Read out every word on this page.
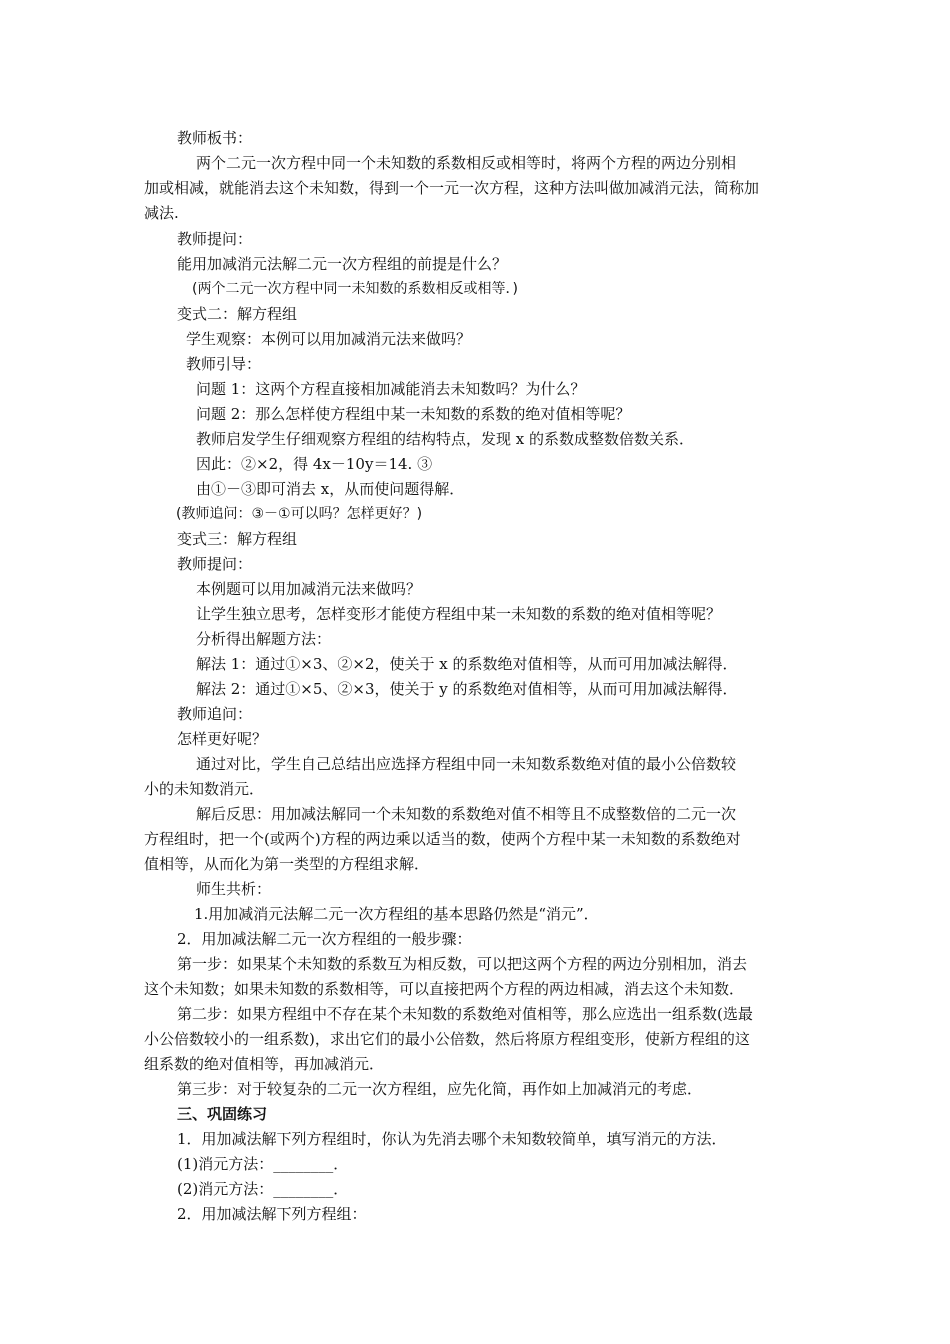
教师板书：
两个二元一次方程中同一个未知数的系数相反或相等时，将两个方程的两边分别相
加或相减，就能消去这个未知数，得到一个一元一次方程，这种方法叫做加减消元法，简称加
减法.
教师提问：
能用加减消元法解二元一次方程组的前提是什么？
(两个二元一次方程中同一未知数的系数相反或相等．)
变式二：解方程组
学生观察：本例可以用加减消元法来做吗？
教师引导：
问题 1：这两个方程直接相加减能消去未知数吗？为什么？
问题 2：那么怎样使方程组中某一未知数的系数的绝对值相等呢？
教师启发学生仔细观察方程组的结构特点，发现 x 的系数成整数倍数关系．
因此：②×2，得 4x－10y＝14. ③
由①－③即可消去 x，从而使问题得解．
(教师追问：③－①可以吗？怎样更好？)
变式三：解方程组
教师提问：
本例题可以用加减消元法来做吗？
让学生独立思考，怎样变形才能使方程组中某一未知数的系数的绝对值相等呢？
分析得出解题方法：
解法 1：通过①×3、②×2，使关于 x 的系数绝对值相等，从而可用加减法解得．
解法 2：通过①×5、②×3，使关于 y 的系数绝对值相等，从而可用加减法解得．
教师追问：
怎样更好呢？
通过对比，学生自己总结出应选择方程组中同一未知数系数绝对值的最小公倍数较
小的未知数消元．
解后反思：用加减法解同一个未知数的系数绝对值不相等且不成整数倍的二元一次
方程组时，把一个(或两个)方程的两边乘以适当的数，使两个方程中某一未知数的系数绝对
值相等，从而化为第一类型的方程组求解．
师生共析：
1.用加减消元法解二元一次方程组的基本思路仍然是“消元”．
2．用加减法解二元一次方程组的一般步骤：
第一步：如果某个未知数的系数互为相反数，可以把这两个方程的两边分别相加，消去
这个未知数；如果未知数的系数相等，可以直接把两个方程的两边相减，消去这个未知数．
第二步：如果方程组中不存在某个未知数的系数绝对值相等，那么应选出一组系数(选最
小公倍数较小的一组系数)，求出它们的最小公倍数，然后将原方程组变形，使新方程组的这
组系数的绝对值相等，再加减消元．
第三步：对于较复杂的二元一次方程组，应先化简，再作如上加减消元的考虑．
三、巩固练习
1．用加减法解下列方程组时，你认为先消去哪个未知数较简单，填写消元的方法．
(1)消元方法：________．
(2)消元方法：________．
2．用加减法解下列方程组：
